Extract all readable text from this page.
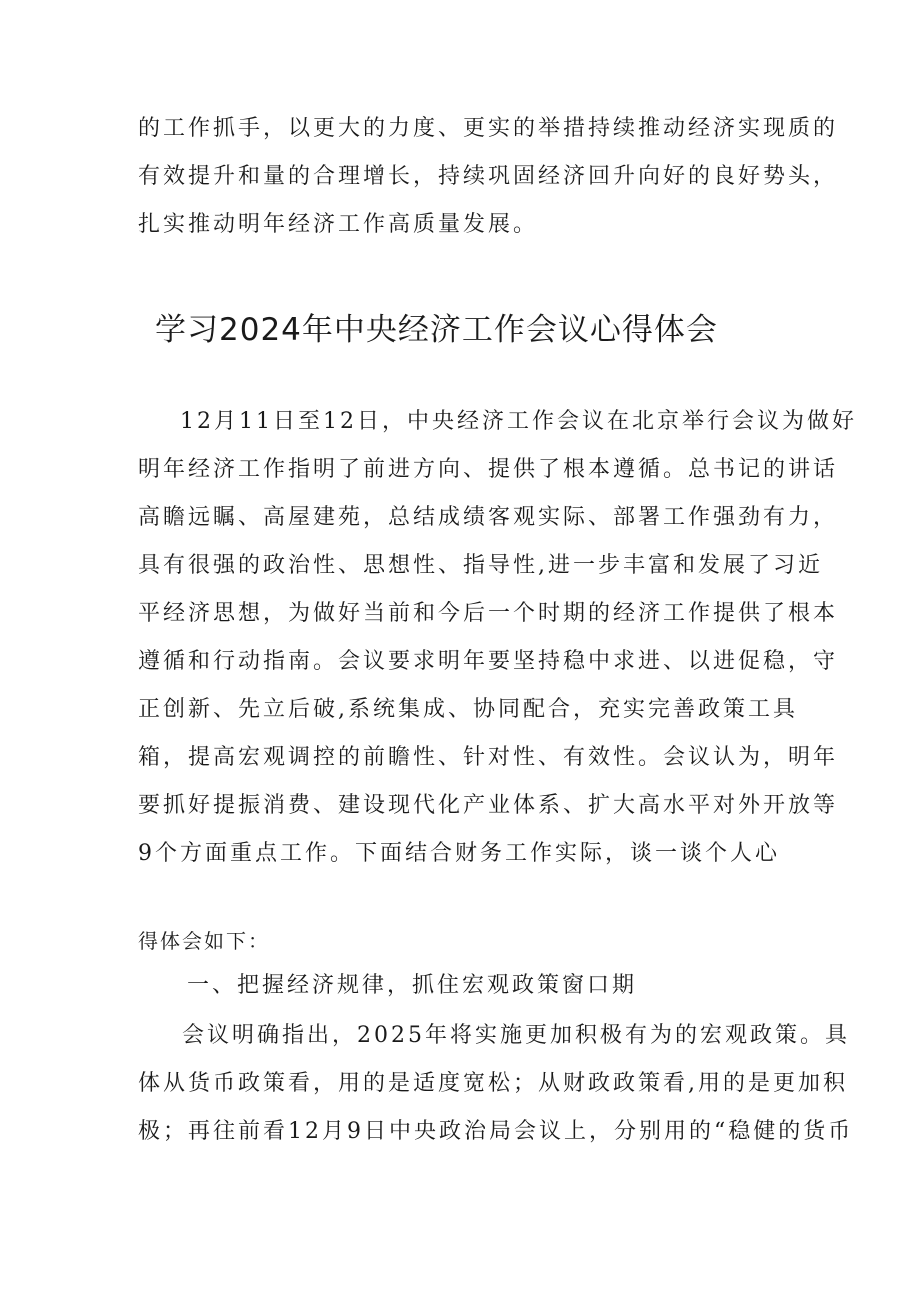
的工作抓手，以更大的力度、更实的举措持续推动经济实现质的

有效提升和量的合理增长，持续巩固经济回升向好的良好势头，

扎实推动明年经济工作高质量发展。

学习2024年中央经济工作会议心得体会

12月11日至12日，中央经济工作会议在北京举行会议为做好

明年经济工作指明了前进方向、提供了根本遵循。总书记的讲话

高瞻远瞩、高屋建苑，总结成绩客观实际、部署工作强劲有力，

具有很强的政治性、思想性、指导性,进一步丰富和发展了习近

平经济思想，为做好当前和今后一个时期的经济工作提供了根本

遵循和行动指南。会议要求明年要坚持稳中求进、以进促稳，守

正创新、先立后破,系统集成、协同配合，充实完善政策工具

箱，提高宏观调控的前瞻性、针对性、有效性。会议认为，明年

要抓好提振消费、建设现代化产业体系、扩大高水平对外开放等

9个方面重点工作。下面结合财务工作实际，谈一谈个人心

得体会如下：

一、把握经济规律，抓住宏观政策窗口期

会议明确指出，2025年将实施更加积极有为的宏观政策。具

体从货币政策看，用的是适度宽松；从财政政策看,用的是更加积

极；再往前看12月9日中央政治局会议上，分别用的“稳健的货币
